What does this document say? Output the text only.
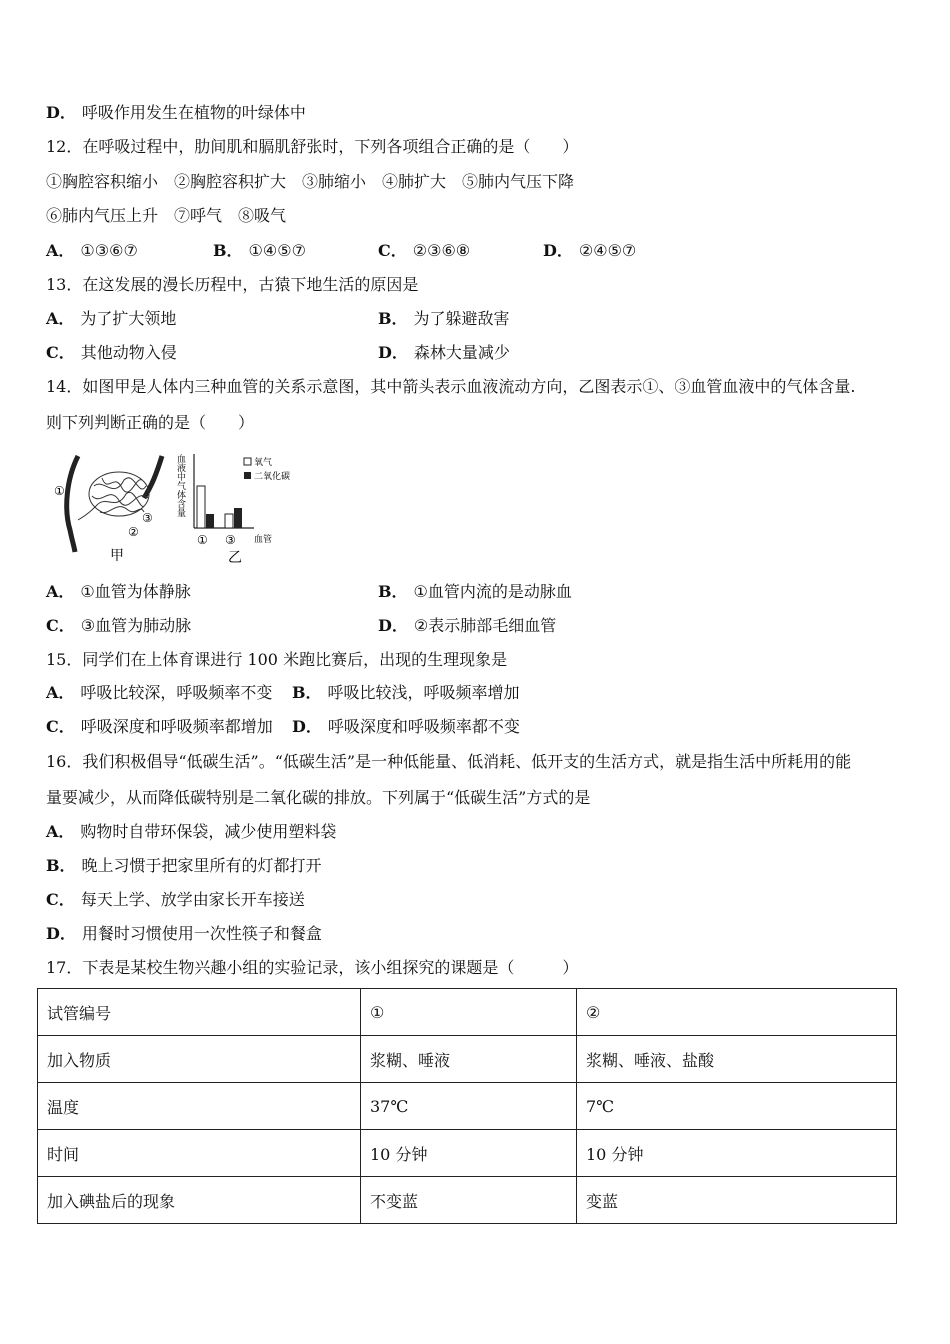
D． 呼吸作用发生在植物的叶绿体中
12．在呼吸过程中，肋间肌和膈肌舒张时，下列各项组合正确的是（　　）
①胸腔容积缩小　②胸腔容积扩大　③肺缩小　④肺扩大　⑤肺内气压下降
⑥肺内气压上升　⑦呼气　⑧吸气
A． ①③⑥⑦	B． ①④⑤⑦	C． ②③⑥⑧	D． ②④⑤⑦
13．在这发展的漫长历程中，古猿下地生活的原因是
A． 为了扩大领地	B． 为了躲避敌害
C． 其他动物入侵	D． 森林大量减少
14．如图甲是人体内三种血管的关系示意图，其中箭头表示血液流动方向，乙图表示①、③血管血液中的气体含量.
则下列判断正确的是（　　）
①
②
③
甲
血液中气体含量
① ③ 血管
乙
氧气
二氧化碳
A． ①血管为体静脉	B． ①血管内流的是动脉血
C． ③血管为肺动脉	D． ②表示肺部毛细血管
15．同学们在上体育课进行 100 米跑比赛后，出现的生理现象是
A． 呼吸比较深，呼吸频率不变 B． 呼吸比较浅，呼吸频率增加
C． 呼吸深度和呼吸频率都增加 D． 呼吸深度和呼吸频率都不变
16．我们积极倡导“低碳生活”。“低碳生活”是一种低能量、低消耗、低开支的生活方式，就是指生活中所耗用的能
量要减少，从而降低碳特别是二氧化碳的排放。下列属于“低碳生活”方式的是
A． 购物时自带环保袋，减少使用塑料袋
B． 晚上习惯于把家里所有的灯都打开
C． 每天上学、放学由家长开车接送
D． 用餐时习惯使用一次性筷子和餐盒
17．下表是某校生物兴趣小组的实验记录，该小组探究的课题是（　　　）
试管编号	①	②
加入物质	浆糊、唾液	浆糊、唾液、盐酸
温度	37℃	7℃
时间	10 分钟	10 分钟
加入碘盐后的现象	不变蓝	变蓝
